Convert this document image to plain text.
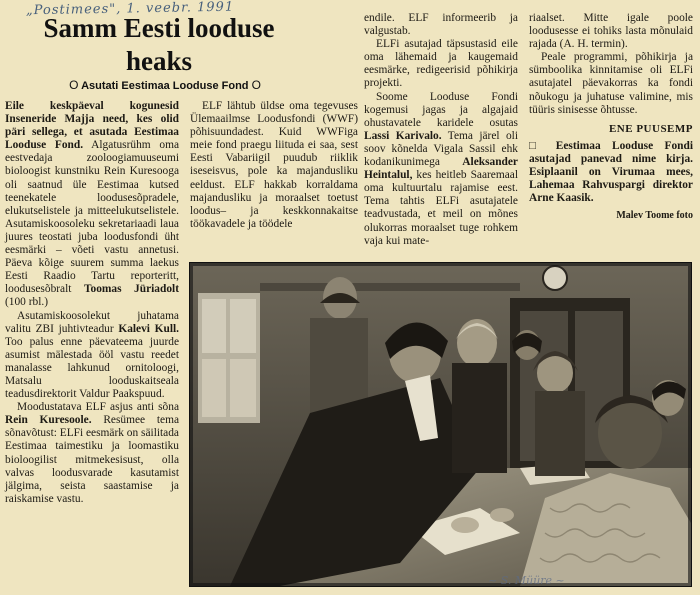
„Postimees", 1. veebr. 1991
Samm Eesti looduse
heaks
O Asutati Eestimaa Looduse Fond O

Eile keskpäeval kogunesid Inseneride Majja need, kes olid päri sellega, et asutada Eestimaa Looduse Fond. Algatusrühm oma eestvedaja zooloogiamuuseumi bioloogist kunstniku Rein Kuresooga oli saatnud üle Eestimaa kutsed teenekatele loodusesõpradele, elukutselistele ja mitteelukutselistele. Asutamiskoosoleku sekretariaadi laua juures teostati juba loodusfondi üht eesmärki – võeti vastu annetusi. Päeva kõige suurem summa laekus Eesti Raadio Tartu reporteritt, loodusesõbralt Toomas Jüriadolt (100 rbl.)

Asutamiskoosolekut juhatama valitu ZBI juhtivteadur Kalevi Kull. Too palus enne päevateema juurde asumist mälestada ööl vastu reedet manalasse lahkunud ornitoloogi, Matsalu looduskaitseala teadusdirektorit Valdur Paakspuud.

Moodustatava ELF asjus anti sõna Rein Kuresoole. Resümee tema sõnavõtust: ELFi eesmärk on säilitada Eestimaa taimestiku ja loomastiku bioloogilist mitmekesisust, olla valvas loodusvarade kasutamist jälgima, seista saastamise ja raiskamise vastu.

ELF lähtub üldse oma tegevuses Ülemaailmse Loodusfondi (WWF) põhisuundadest. Kuid WWFiga meie fond praegu liituda ei saa, sest Eesti Vabariigil puudub riiklik iseseisvus, pole ka majandusliku eeldust. ELF hakkab korraldama majandusliku ja moraalset toetust loodus– ja keskkonnakaitse töökavadele ja töödele

endile. ELF informeerib ja valgustab.

ELFi asutajad täpsustasid eile oma lähemaid ja kaugemaid eesmärke, redigeerisid põhikirja projekti.

Soome Looduse Fondi kogemusi jagas ja algajaid ohustavatele karidele osutas Lassi Karivalo. Tema järel oli soov kõnelda Vigala Sassil ehk kodanikunimega Aleksander Heintalul, kes heitleb Saaremaal oma kultuurtalu rajamise eest. Tema tahtis ELFi asutajatele teadvustada, et meil on mõnes olukorras moraalset tuge rohkem vaja kui mate-

riaalset. Mitte igale poole loodusesse ei tohiks lasta mõnulaid rajada (A. H. termin).

Peale programmi, põhikirja ja sümboolika kinnitamise oli ELFi asutajatel päevakorras ka fondi nõukogu ja juhatuse valimine, mis tüüris sinisesse õhtusse.

ENE PUUSEMP

□ Eestimaa Looduse Fondi asutajad panevad nime kirja. Esiplaanil on Virumaa mees, Lahemaa Rahvuspargi direktor Arne Kaasik.

Malev Toome foto
~ S. Müüre ~
